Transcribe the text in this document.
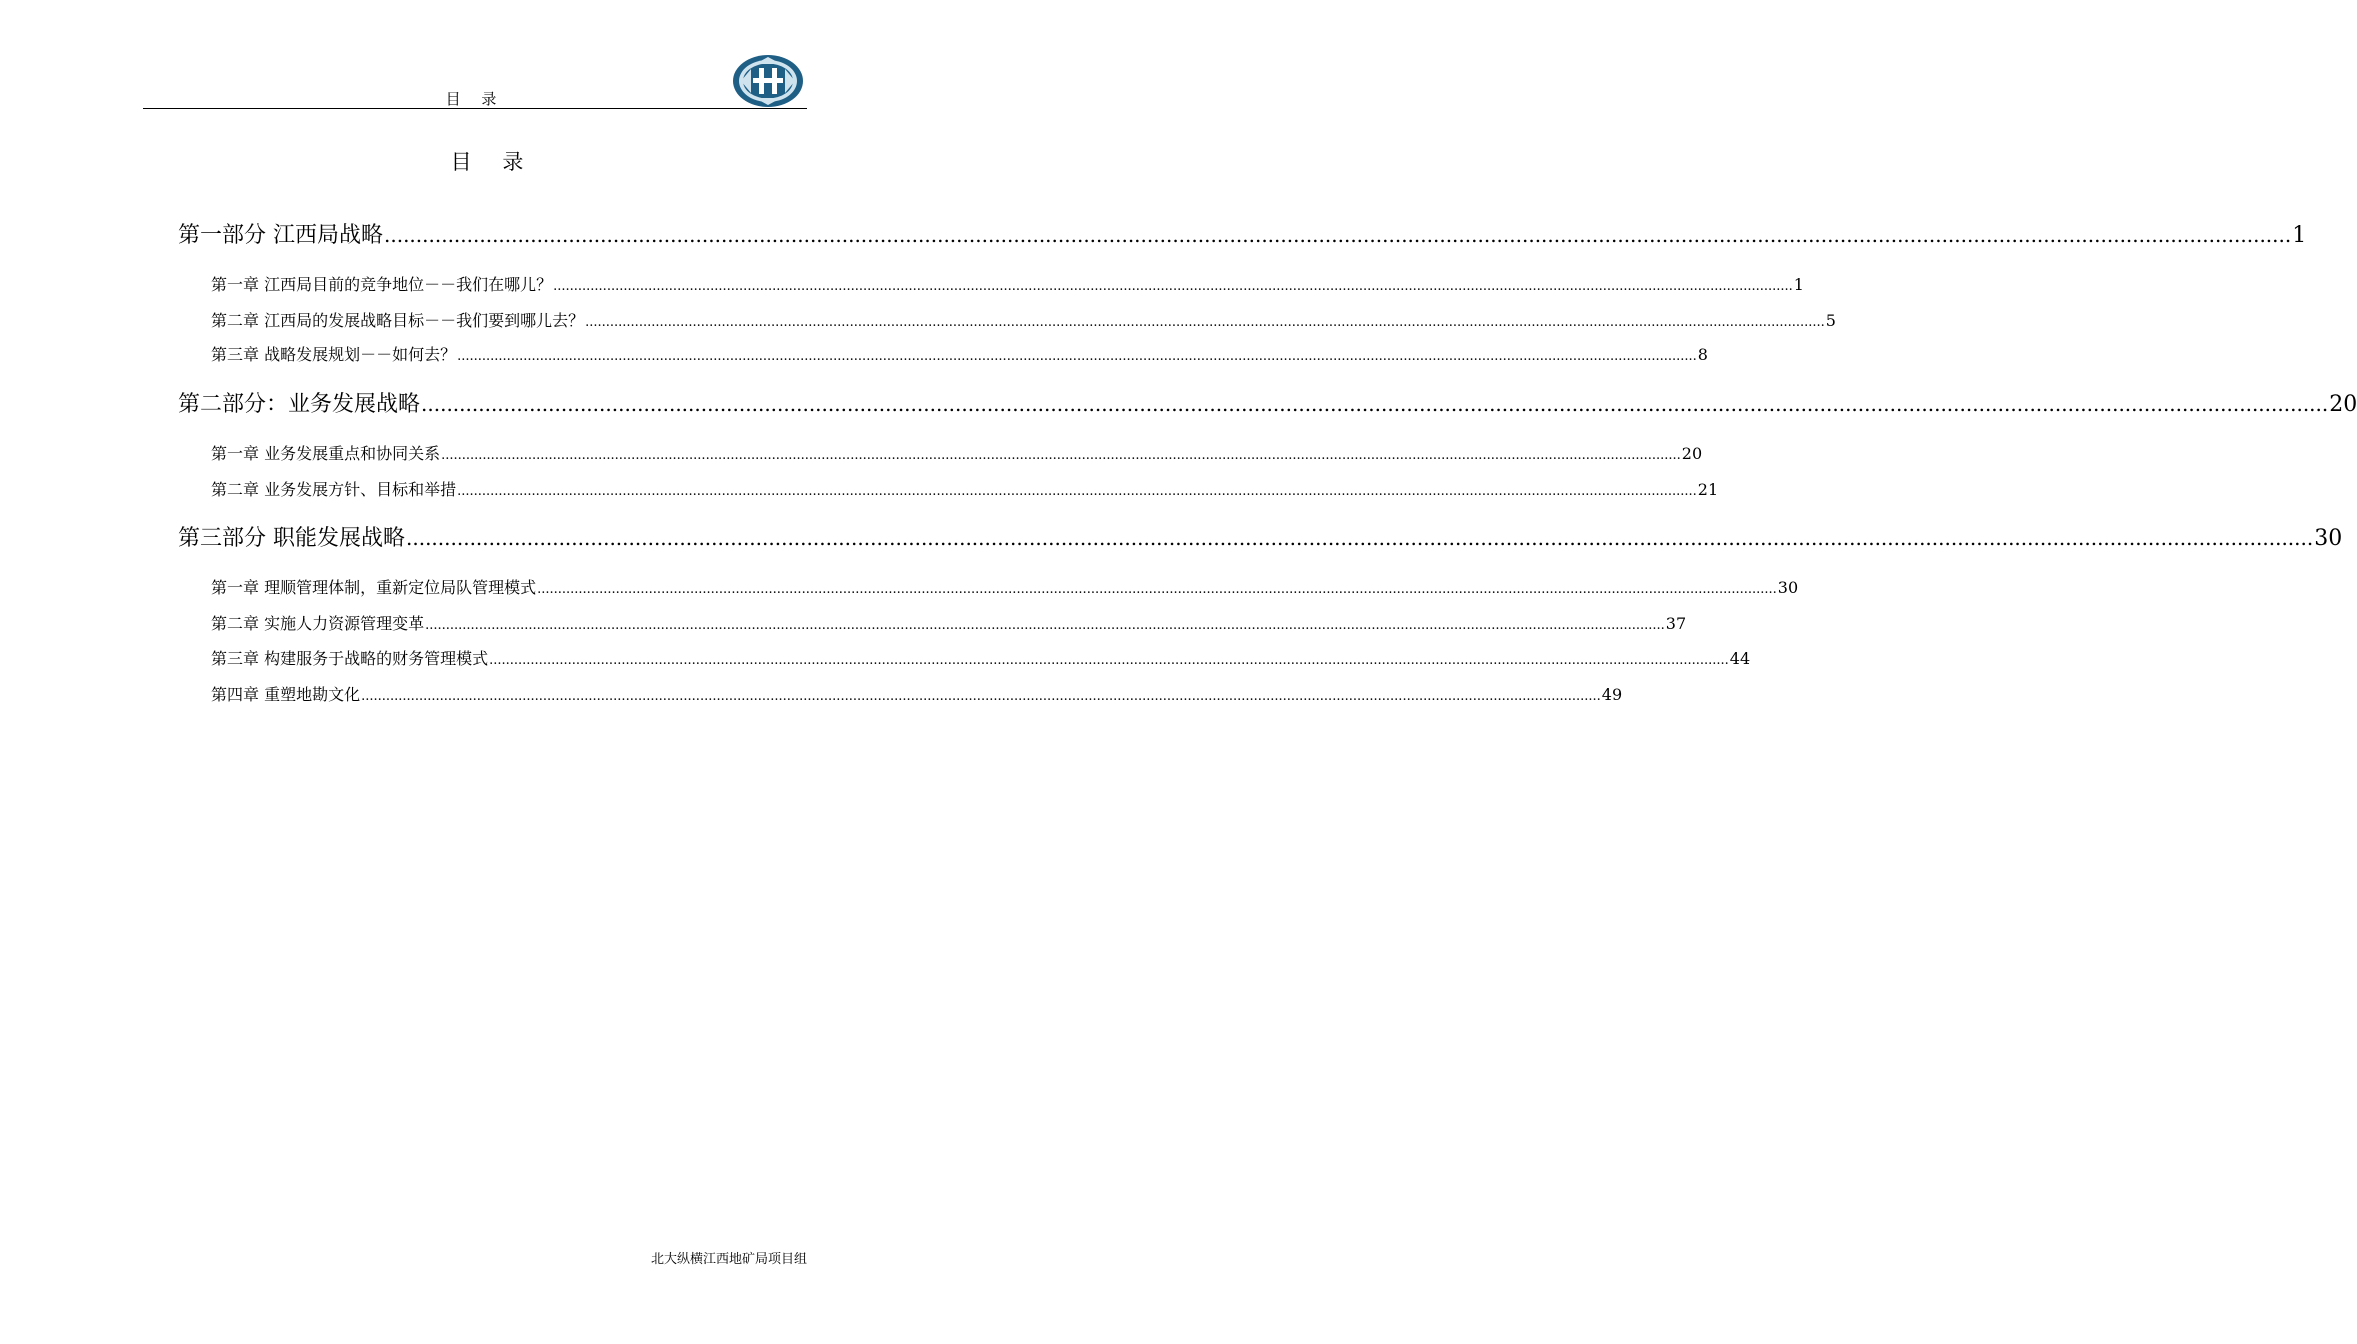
目 录
目 录
第一部分 江西局战略 ............................................................................................................................................................................................................................................................................................................ 1
第一章 江西局目前的竞争地位－－我们在哪儿？ ............................................................................................................................................................................................................................................................................................................ 1
第二章 江西局的发展战略目标－－我们要到哪儿去？ ............................................................................................................................................................................................................................................................................................................ 5
第三章 战略发展规划－－如何去？ ............................................................................................................................................................................................................................................................................................................ 8
第二部分：业务发展战略 ............................................................................................................................................................................................................................................................................................................ 20
第一章 业务发展重点和协同关系 ............................................................................................................................................................................................................................................................................................................ 20
第二章 业务发展方针、目标和举措 ............................................................................................................................................................................................................................................................................................................ 21
第三部分 职能发展战略 ............................................................................................................................................................................................................................................................................................................ 30
第一章 理顺管理体制，重新定位局队管理模式 ............................................................................................................................................................................................................................................................................................................ 30
第二章 实施人力资源管理变革 ............................................................................................................................................................................................................................................................................................................ 37
第三章 构建服务于战略的财务管理模式 ............................................................................................................................................................................................................................................................................................................ 44
第四章 重塑地勘文化 ............................................................................................................................................................................................................................................................................................................ 49
北大纵横江西地矿局项目组
